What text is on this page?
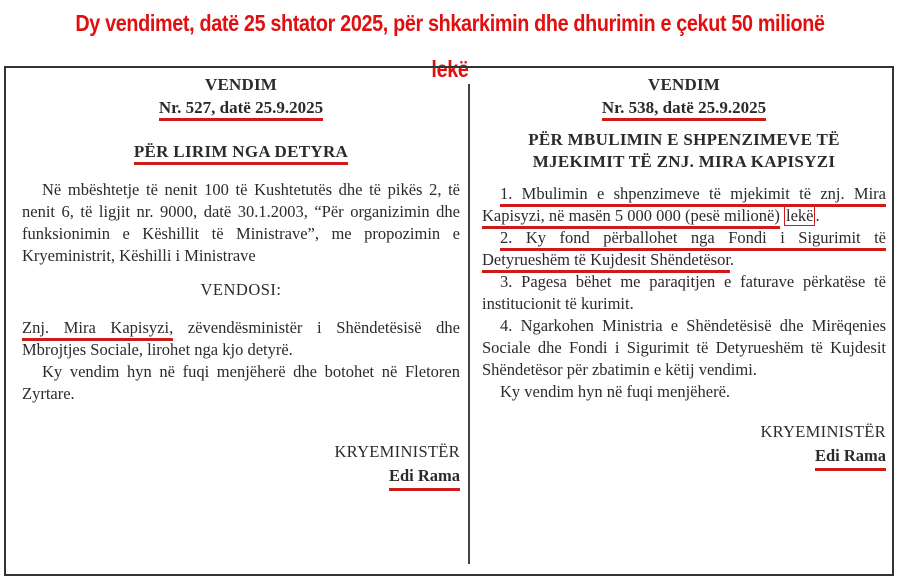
Dy vendimet, datë 25 shtator 2025, për shkarkimin dhe dhurimin e çekut 50 milionë lekë
VENDIM
Nr. 527, datë 25.9.2025
PËR LIRIM NGA DETYRA

Në mbështetje të nenit 100 të Kushtetutës dhe të pikës 2, të nenit 6, të ligjit nr. 9000, datë 30.1.2003, “Për organizimin dhe funksionimin e Këshillit të Ministrave”, me propozimin e Kryeministrit, Këshilli i Ministrave

VENDOSI:

Znj. Mira Kapisyzi, zëvendësministër i Shëndetësisë dhe Mbrojtjes Sociale, lirohet nga kjo detyrë.

Ky vendim hyn në fuqi menjëherë dhe botohet në Fletoren Zyrtare.

KRYEMINISTËR
Edi Rama
VENDIM
Nr. 538, datë 25.9.2025
PËR MBULIMIN E SHPENZIMEVE TË
MJEKIMIT TË ZNJ. MIRA KAPISYZI

1. Mbulimin e shpenzimeve të mjekimit të znj. Mira Kapisyzi, në masën 5 000 000 (pesë milionë) lekë .

2. Ky fond përballohet nga Fondi i Sigurimit të Detyrueshëm të Kujdesit Shëndetësor.

3. Pagesa bëhet me paraqitjen e faturave përkatëse të institucionit të kurimit.

4. Ngarkohen Ministria e Shëndetësisë dhe Mirëqenies Sociale dhe Fondi i Sigurimit të Detyrueshëm të Kujdesit Shëndetësor për zbatimin e këtij vendimi.

Ky vendim hyn në fuqi menjëherë.

KRYEMINISTËR
Edi Rama
